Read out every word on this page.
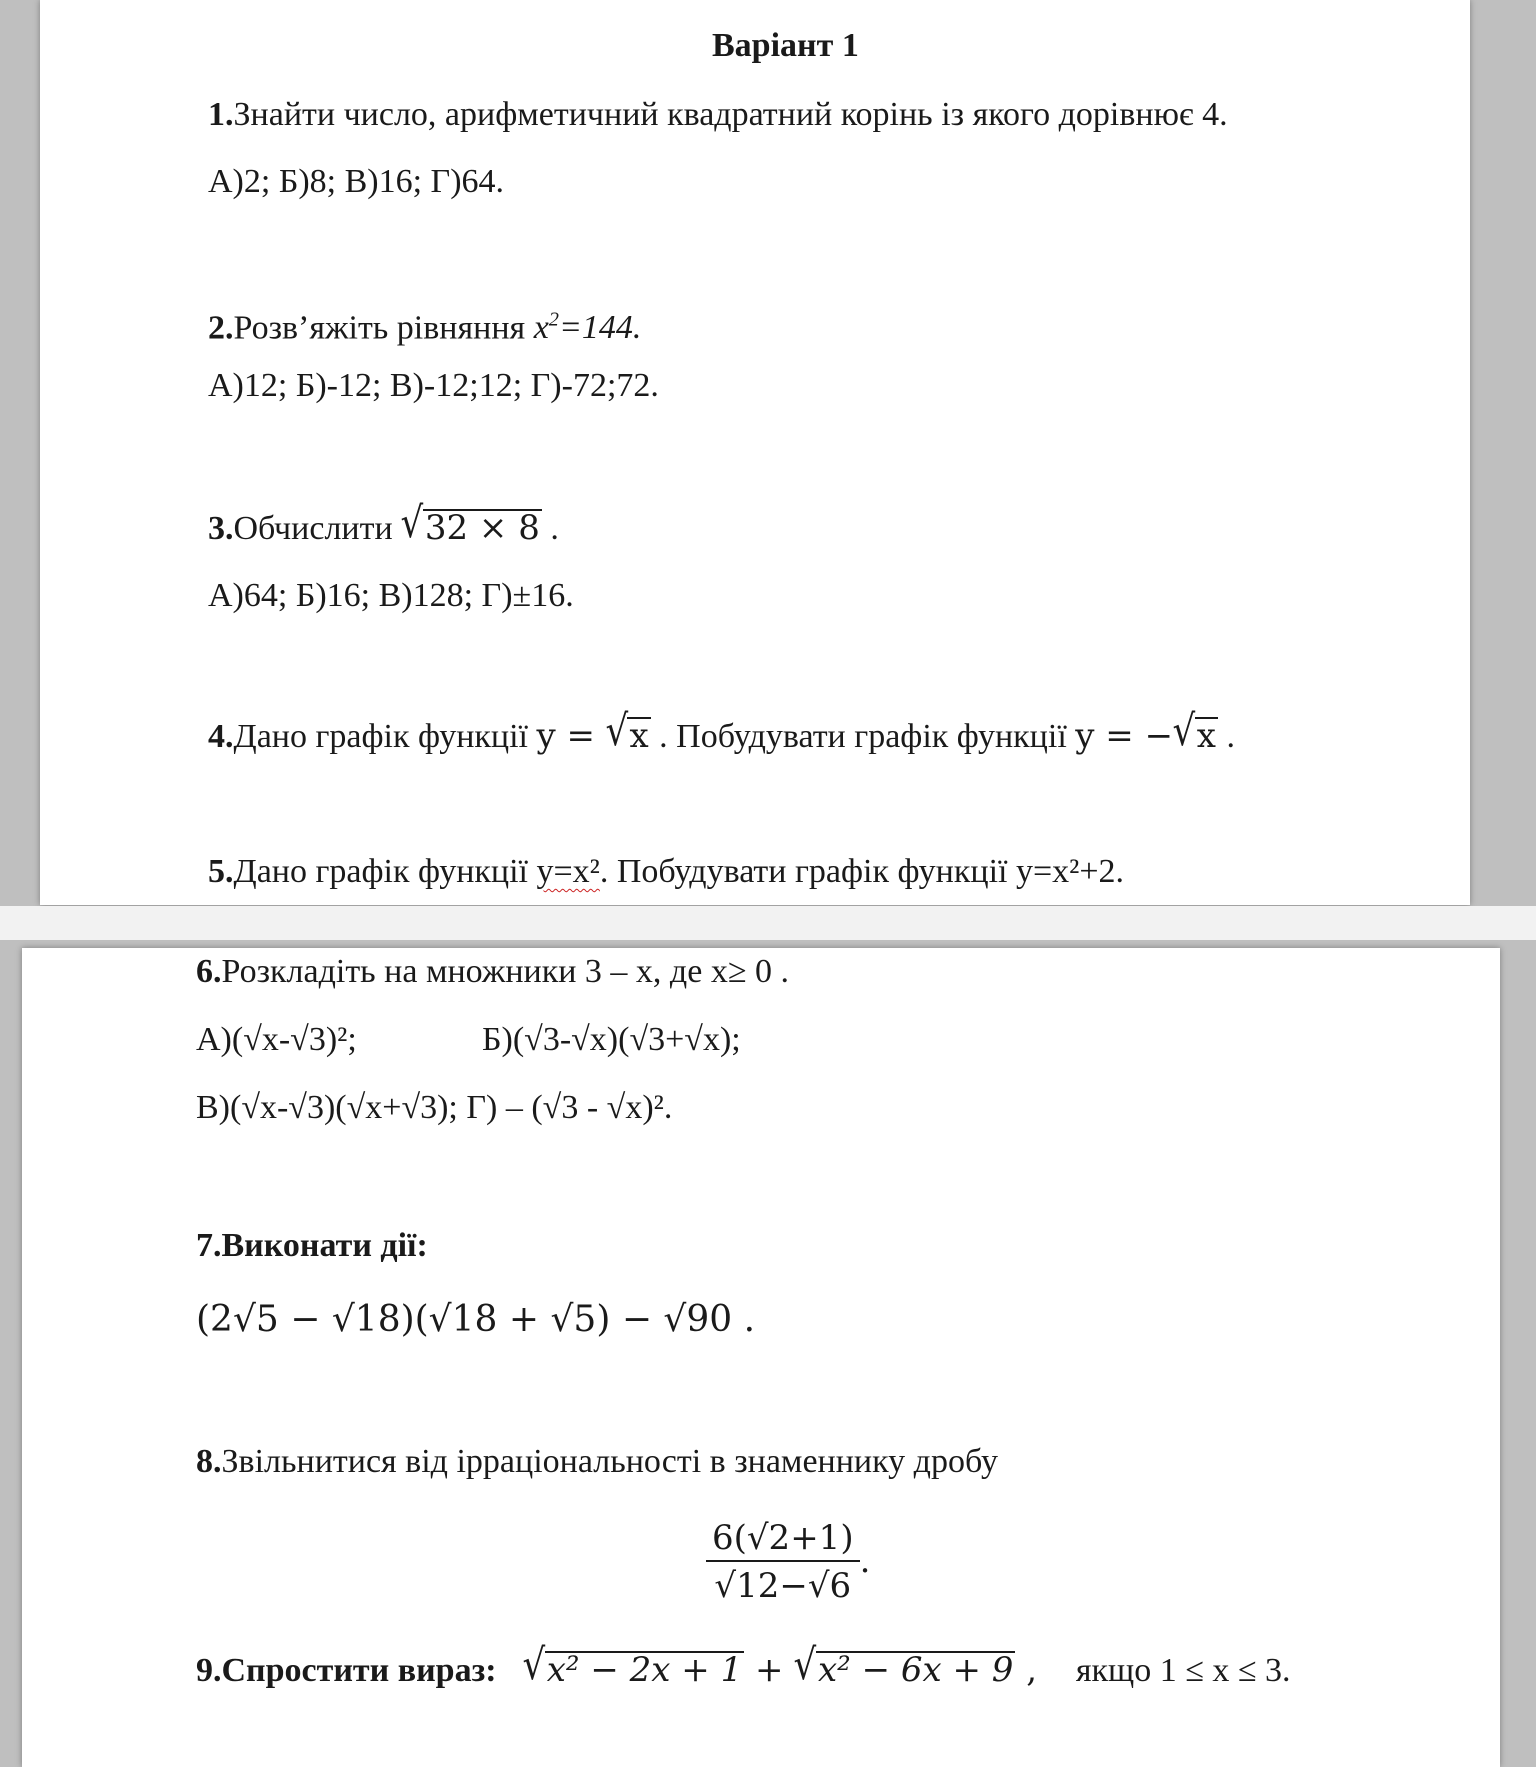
Варіант 1
1.Знайти число, арифметичний квадратний корінь із якого дорівнює 4.
А)2; Б)8; В)16; Г)64.
2.Розв’яжіть рівняння $x^2=144$.
А)12; Б)-12; В)-12;12; Г)-72;72.
3.Обчислити √32 × 8 .
А)64; Б)16; В)128; Г)±16.
4.Дано графік функції y = √x . Побудувати графік функції y = −√x .
5.Дано графік функції y=x². Побудувати графік функції y=x²+2.
6.Розкладіть на множники 3 – x, де x≥ 0 .
А)(√x-√3)²;	Б)(√3-√x)(√3+√x);
В)(√x-√3)(√x+√3); Г) – (√3 - √x)².
7.Виконати дії:
(2√5 − √18)(√18 + √5) − √90 .
8.Звільнитися від ірраціональності в знаменнику дробу
$\frac{6(√2+1)}{√12-√6}$ .
9.Спростити вираз: √x² − 2x + 1 + √x² − 6x + 9 , якщо 1 ≤ x ≤ 3.
